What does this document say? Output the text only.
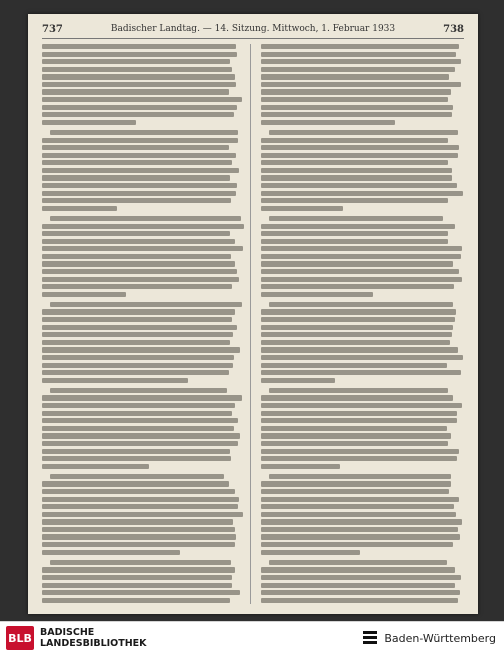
737	Badischer Landtag. — 14. Sitzung. Mittwoch, 1. Februar 1933	738
BLB BADISCHE
LANDESBIBLIOTHEK	Baden-Württemberg
